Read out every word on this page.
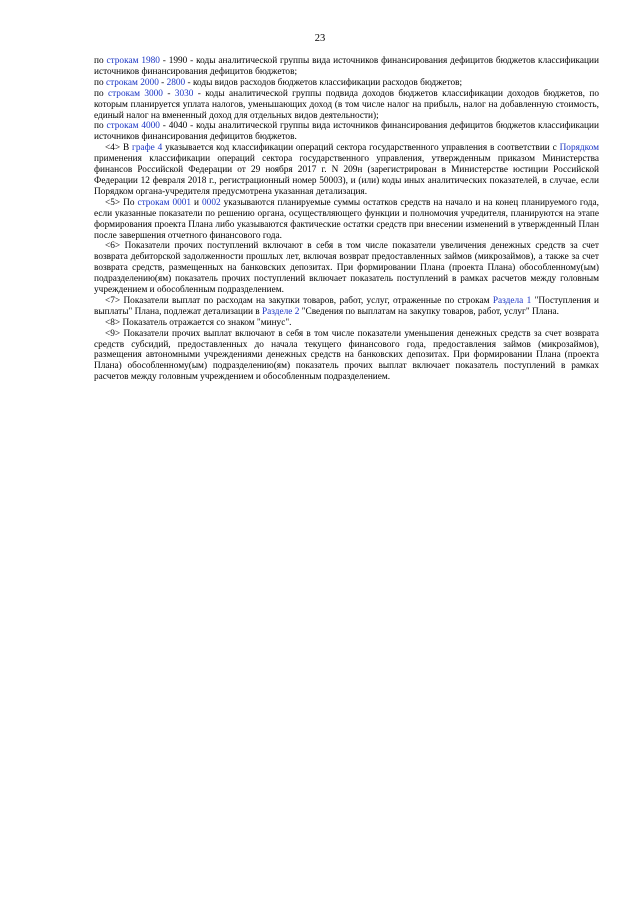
23

по строкам 1980 - 1990 - коды аналитической группы вида источников финансирования дефицитов бюджетов классификации источников финансирования дефицитов бюджетов;

по строкам 2000 - 2800 - коды видов расходов бюджетов классификации расходов бюджетов;

по строкам 3000 - 3030 - коды аналитической группы подвида доходов бюджетов классификации доходов бюджетов, по которым планируется уплата налогов, уменьшающих доход (в том числе налог на прибыль, налог на добавленную стоимость, единый налог на вмененный доход для отдельных видов деятельности);

по строкам 4000 - 4040 - коды аналитической группы вида источников финансирования дефицитов бюджетов классификации источников финансирования дефицитов бюджетов.

<4> В графе 4 указывается код классификации операций сектора государственного управления в соответствии с Порядком применения классификации операций сектора государственного управления, утвержденным приказом Министерства финансов Российской Федерации от 29 ноября 2017 г. N 209н (зарегистрирован в Министерстве юстиции Российской Федерации 12 февраля 2018 г., регистрационный номер 50003), и (или) коды иных аналитических показателей, в случае, если Порядком органа-учредителя предусмотрена указанная детализация.

<5> По строкам 0001 и 0002 указываются планируемые суммы остатков средств на начало и на конец планируемого года, если указанные показатели по решению органа, осуществляющего функции и полномочия учредителя, планируются на этапе формирования проекта Плана либо указываются фактические остатки средств при внесении изменений в утвержденный План после завершения отчетного финансового года.

<6> Показатели прочих поступлений включают в себя в том числе показатели увеличения денежных средств за счет возврата дебиторской задолженности прошлых лет, включая возврат предоставленных займов (микрозаймов), а также за счет возврата средств, размещенных на банковских депозитах. При формировании Плана (проекта Плана) обособленному(ым) подразделению(ям) показатель прочих поступлений включает показатель поступлений в рамках расчетов между головным учреждением и обособленным подразделением.

<7> Показатели выплат по расходам на закупки товаров, работ, услуг, отраженные по строкам Раздела 1 "Поступления и выплаты" Плана, подлежат детализации в Разделе 2 "Сведения по выплатам на закупку товаров, работ, услуг" Плана.

<8> Показатель отражается со знаком "минус".

<9> Показатели прочих выплат включают в себя в том числе показатели уменьшения денежных средств за счет возврата средств субсидий, предоставленных до начала текущего финансового года, предоставления займов (микрозаймов), размещения автономными учреждениями денежных средств на банковских депозитах. При формировании Плана (проекта Плана) обособленному(ым) подразделению(ям) показатель прочих выплат включает показатель поступлений в рамках расчетов между головным учреждением и обособленным подразделением.
